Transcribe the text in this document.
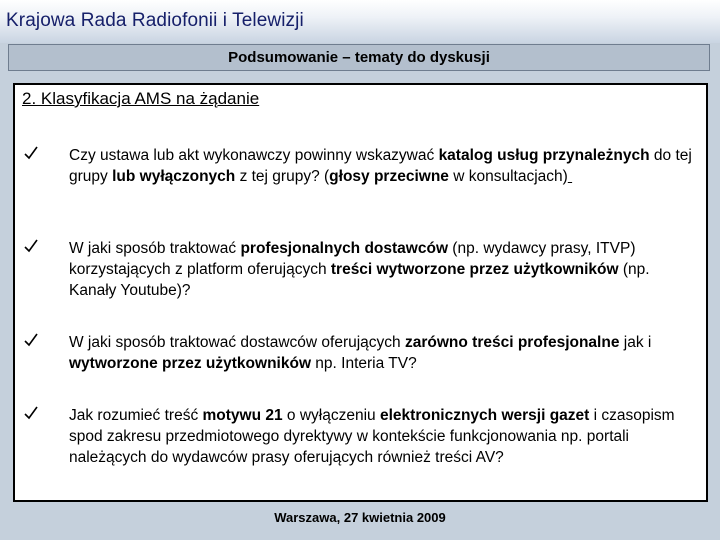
Krajowa Rada Radiofonii i Telewizji
Podsumowanie – tematy do dyskusji
2. Klasyfikacja AMS na żądanie

Czy ustawa lub akt wykonawczy powinny wskazywać katalog usług przynależnych do tej grupy lub wyłączonych z tej grupy? (głosy przeciwne w konsultacjach)

W jaki sposób traktować profesjonalnych dostawców (np. wydawcy prasy, ITVP) korzystających z platform oferujących treści wytworzone przez użytkowników (np. Kanały Youtube)?

W jaki sposób traktować dostawców oferujących zarówno treści profesjonalne jak i wytworzone przez użytkowników np. Interia TV?

Jak rozumieć treść motywu 21 o wyłączeniu elektronicznych wersji gazet i czasopism spod zakresu przedmiotowego dyrektywy w kontekście funkcjonowania np. portali należących do wydawców prasy oferujących również treści AV?

Warszawa, 27 kwietnia 2009
